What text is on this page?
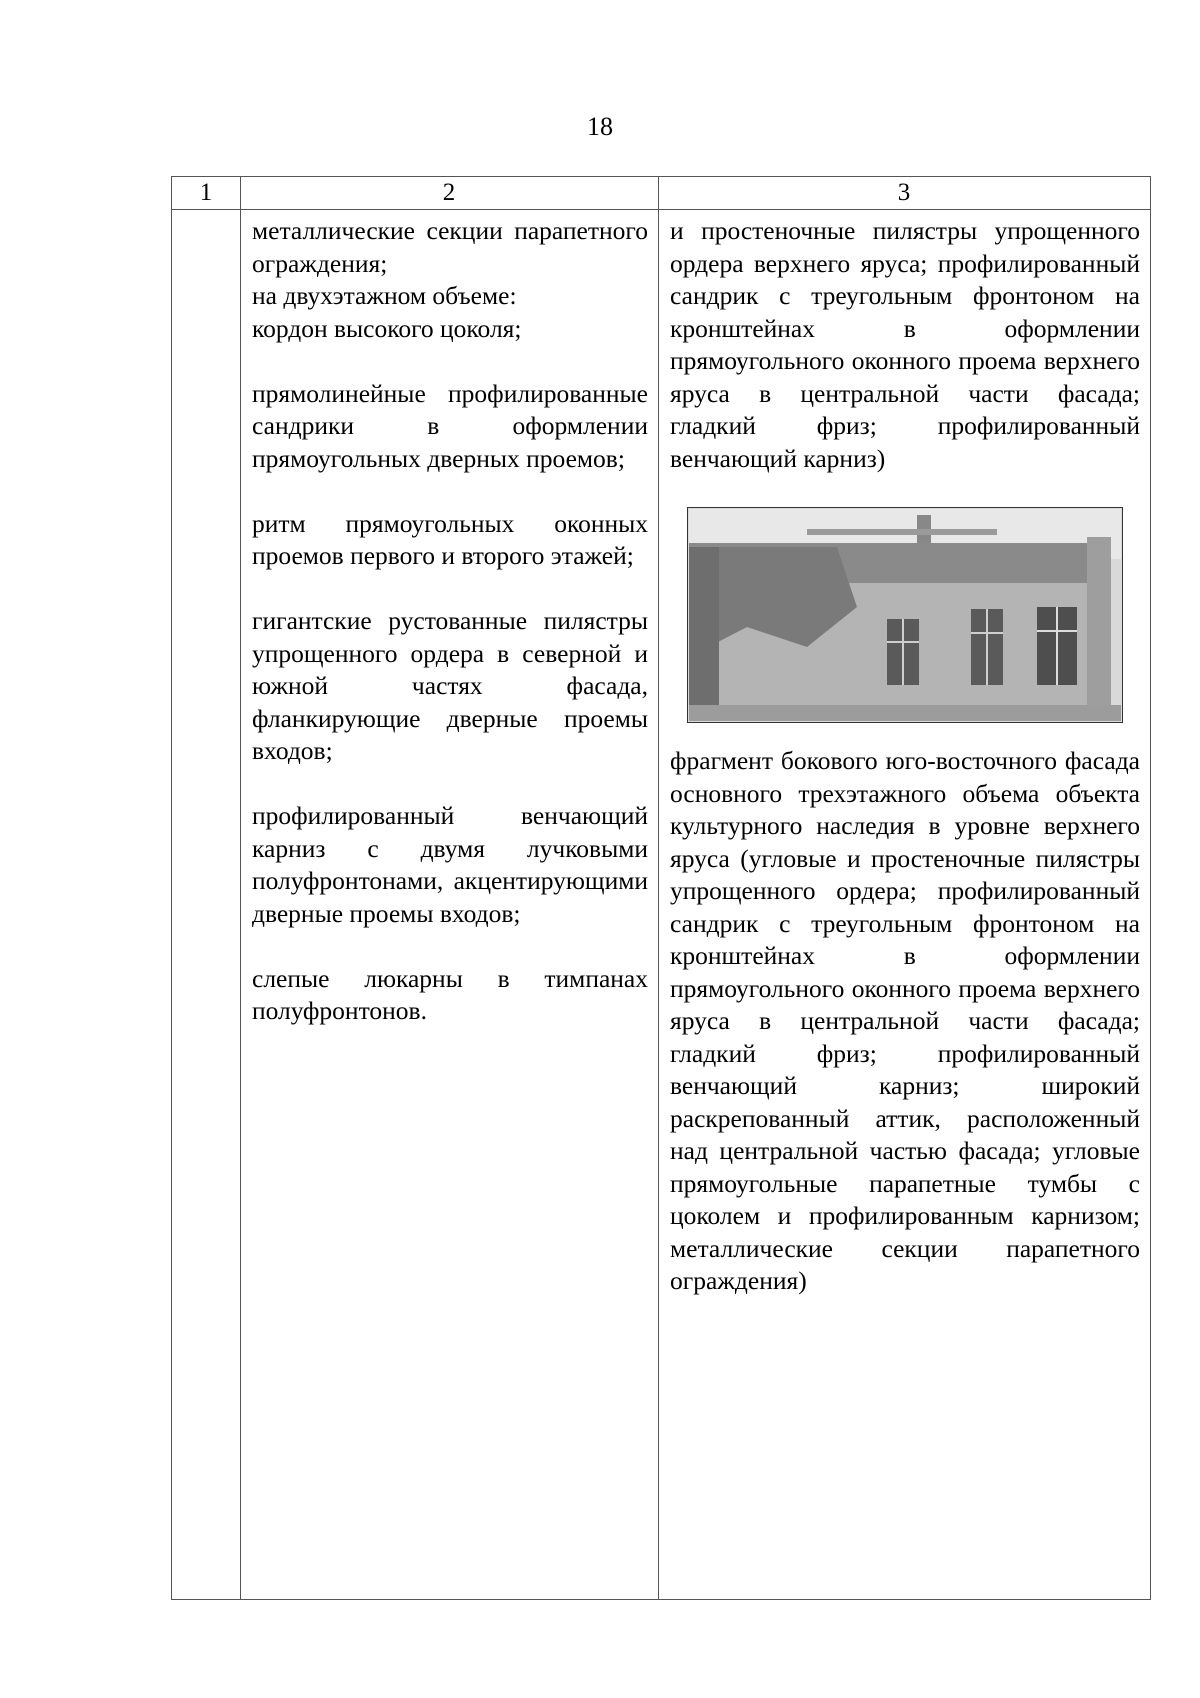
18
1	2	3

металлические секции парапетного ограждения;

на двухэтажном объеме:

кордон высокого цоколя;

прямолинейные профилированные сандрики в оформлении прямоугольных дверных проемов;

ритм прямоугольных оконных проемов первого и второго этажей;

гигантские рустованные пилястры упрощенного ордера в северной и южной частях фасада, фланкирующие дверные проемы входов;

профилированный венчающий карниз с двумя лучковыми полуфронтонами, акцентирующими дверные проемы входов;

слепые люкарны в тимпанах полуфронтонов.

и простеночные пилястры упрощенного ордера верхнего яруса; профилированный сандрик с треугольным фронтоном на кронштейнах в оформлении прямоугольного оконного проема верхнего яруса в центральной части фасада; гладкий фриз; профилированный венчающий карниз)

фрагмент бокового юго-восточного фасада основного трехэтажного объема объекта культурного наследия в уровне верхнего яруса (угловые и простеночные пилястры упрощенного ордера; профилированный сандрик с треугольным фронтоном на кронштейнах в оформлении прямоугольного оконного проема верхнего яруса в центральной части фасада; гладкий фриз; профилированный венчающий карниз; широкий раскрепованный аттик, расположенный над центральной частью фасада; угловые прямоугольные парапетные тумбы с цоколем и профилированным карнизом; металлические секции парапетного ограждения)
